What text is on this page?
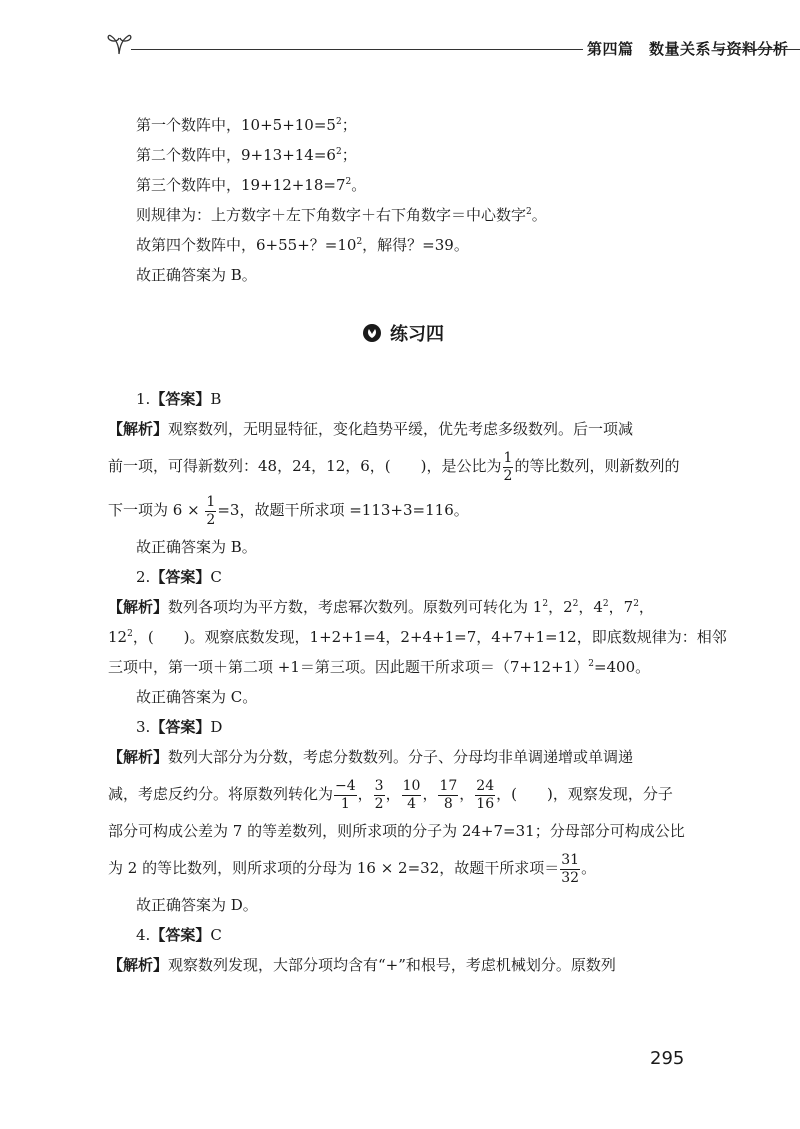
第四篇　数量关系与资料分析
第一个数阵中，$10+5+10=5^2$；
第二个数阵中，$9+13+14=6^2$；
第三个数阵中，$19+12+18=7^2$。
则规律为：上方数字＋左下角数字＋右下角数字＝中心数字$^2$。
故第四个数阵中，6+55+？$=10^2$，解得？=39。
故正确答案为 B。
练习四
1.【答案】B
【解析】观察数列，无明显特征，变化趋势平缓，优先考虑多级数列。后一项减
前一项，可得新数列：48，24，12，6，(　　)，是公比为 $\frac{1}{2}$ 的等比数列，则新数列的
下一项为 $6 \times \frac{1}{2} =3$，故题干所求项 =113+3=116。
故正确答案为 B。
2.【答案】C
【解析】数列各项均为平方数，考虑幂次数列。原数列可转化为 $1^2$，$2^2$，$4^2$，$7^2$，
$12^2$，(　　)。观察底数发现，1+2+1=4，2+4+1=7，4+7+1=12，即底数规律为：相邻
三项中，第一项＋第二项 +1＝第三项。因此题干所求项$=(7+12+1)^2=400$。
故正确答案为 C。
3.【答案】D
【解析】数列大部分为分数，考虑分数数列。分子、分母均非单调递增或单调递
减，考虑反约分。将原数列转化为 $\frac{-4}{1}$ ， $\frac{3}{2}$ ， $\frac{10}{4}$ ， $\frac{17}{8}$ ， $\frac{24}{16}$ ，(　　)，观察发现，分子
部分可构成公差为 7 的等差数列，则所求项的分子为 24+7=31；分母部分可构成公比
为 2 的等比数列，则所求项的分母为 16 × 2=32，故题干所求项＝ $\frac{31}{32}$ 。
故正确答案为 D。
4.【答案】C
【解析】观察数列发现，大部分项均含有“+”和根号，考虑机械划分。原数列
295
